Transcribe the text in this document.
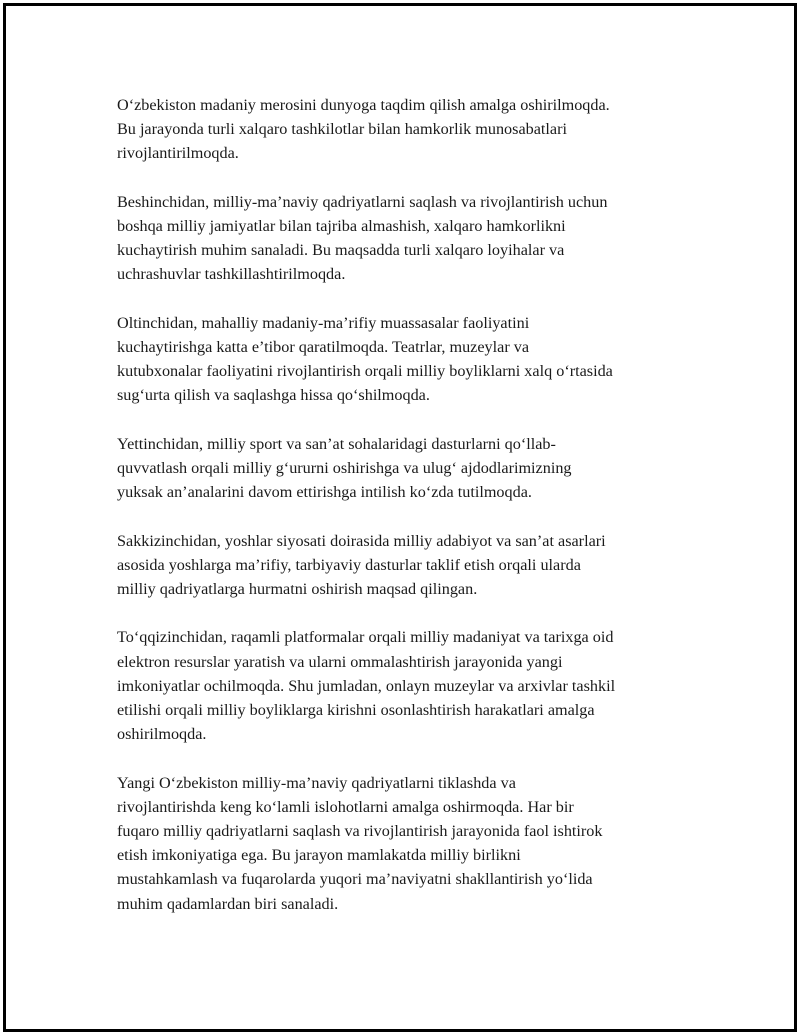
O‘zbekiston madaniy merosini dunyoga taqdim qilish amalga oshirilmoqda.
Bu jarayonda turli xalqaro tashkilotlar bilan hamkorlik munosabatlari
rivojlantirilmoqda.

Beshinchidan, milliy-ma’naviy qadriyatlarni saqlash va rivojlantirish uchun
boshqa milliy jamiyatlar bilan tajriba almashish, xalqaro hamkorlikni
kuchaytirish muhim sanaladi. Bu maqsadda turli xalqaro loyihalar va
uchrashuvlar tashkillashtirilmoqda.

Oltinchidan, mahalliy madaniy-ma’rifiy muassasalar faoliyatini
kuchaytirishga katta e’tibor qaratilmoqda. Teatrlar, muzeylar va
kutubxonalar faoliyatini rivojlantirish orqali milliy boyliklarni xalq o‘rtasida
sug‘urta qilish va saqlashga hissa qo‘shilmoqda.

Yettinchidan, milliy sport va san’at sohalaridagi dasturlarni qo‘llab-
quvvatlash orqali milliy g‘ururni oshirishga va ulug‘ ajdodlarimizning
yuksak an’analarini davom ettirishga intilish ko‘zda tutilmoqda.

Sakkizinchidan, yoshlar siyosati doirasida milliy adabiyot va san’at asarlari
asosida yoshlarga ma’rifiy, tarbiyaviy dasturlar taklif etish orqali ularda
milliy qadriyatlarga hurmatni oshirish maqsad qilingan.

To‘qqizinchidan, raqamli platformalar orqali milliy madaniyat va tarixga oid
elektron resurslar yaratish va ularni ommalashtirish jarayonida yangi
imkoniyatlar ochilmoqda. Shu jumladan, onlayn muzeylar va arxivlar tashkil
etilishi orqali milliy boyliklarga kirishni osonlashtirish harakatlari amalga
oshirilmoqda.

Yangi O‘zbekiston milliy-ma’naviy qadriyatlarni tiklashda va
rivojlantirishda keng ko‘lamli islohotlarni amalga oshirmoqda. Har bir
fuqaro milliy qadriyatlarni saqlash va rivojlantirish jarayonida faol ishtirok
etish imkoniyatiga ega. Bu jarayon mamlakatda milliy birlikni
mustahkamlash va fuqarolarda yuqori ma’naviyatni shakllantirish yo‘lida
muhim qadamlardan biri sanaladi.
